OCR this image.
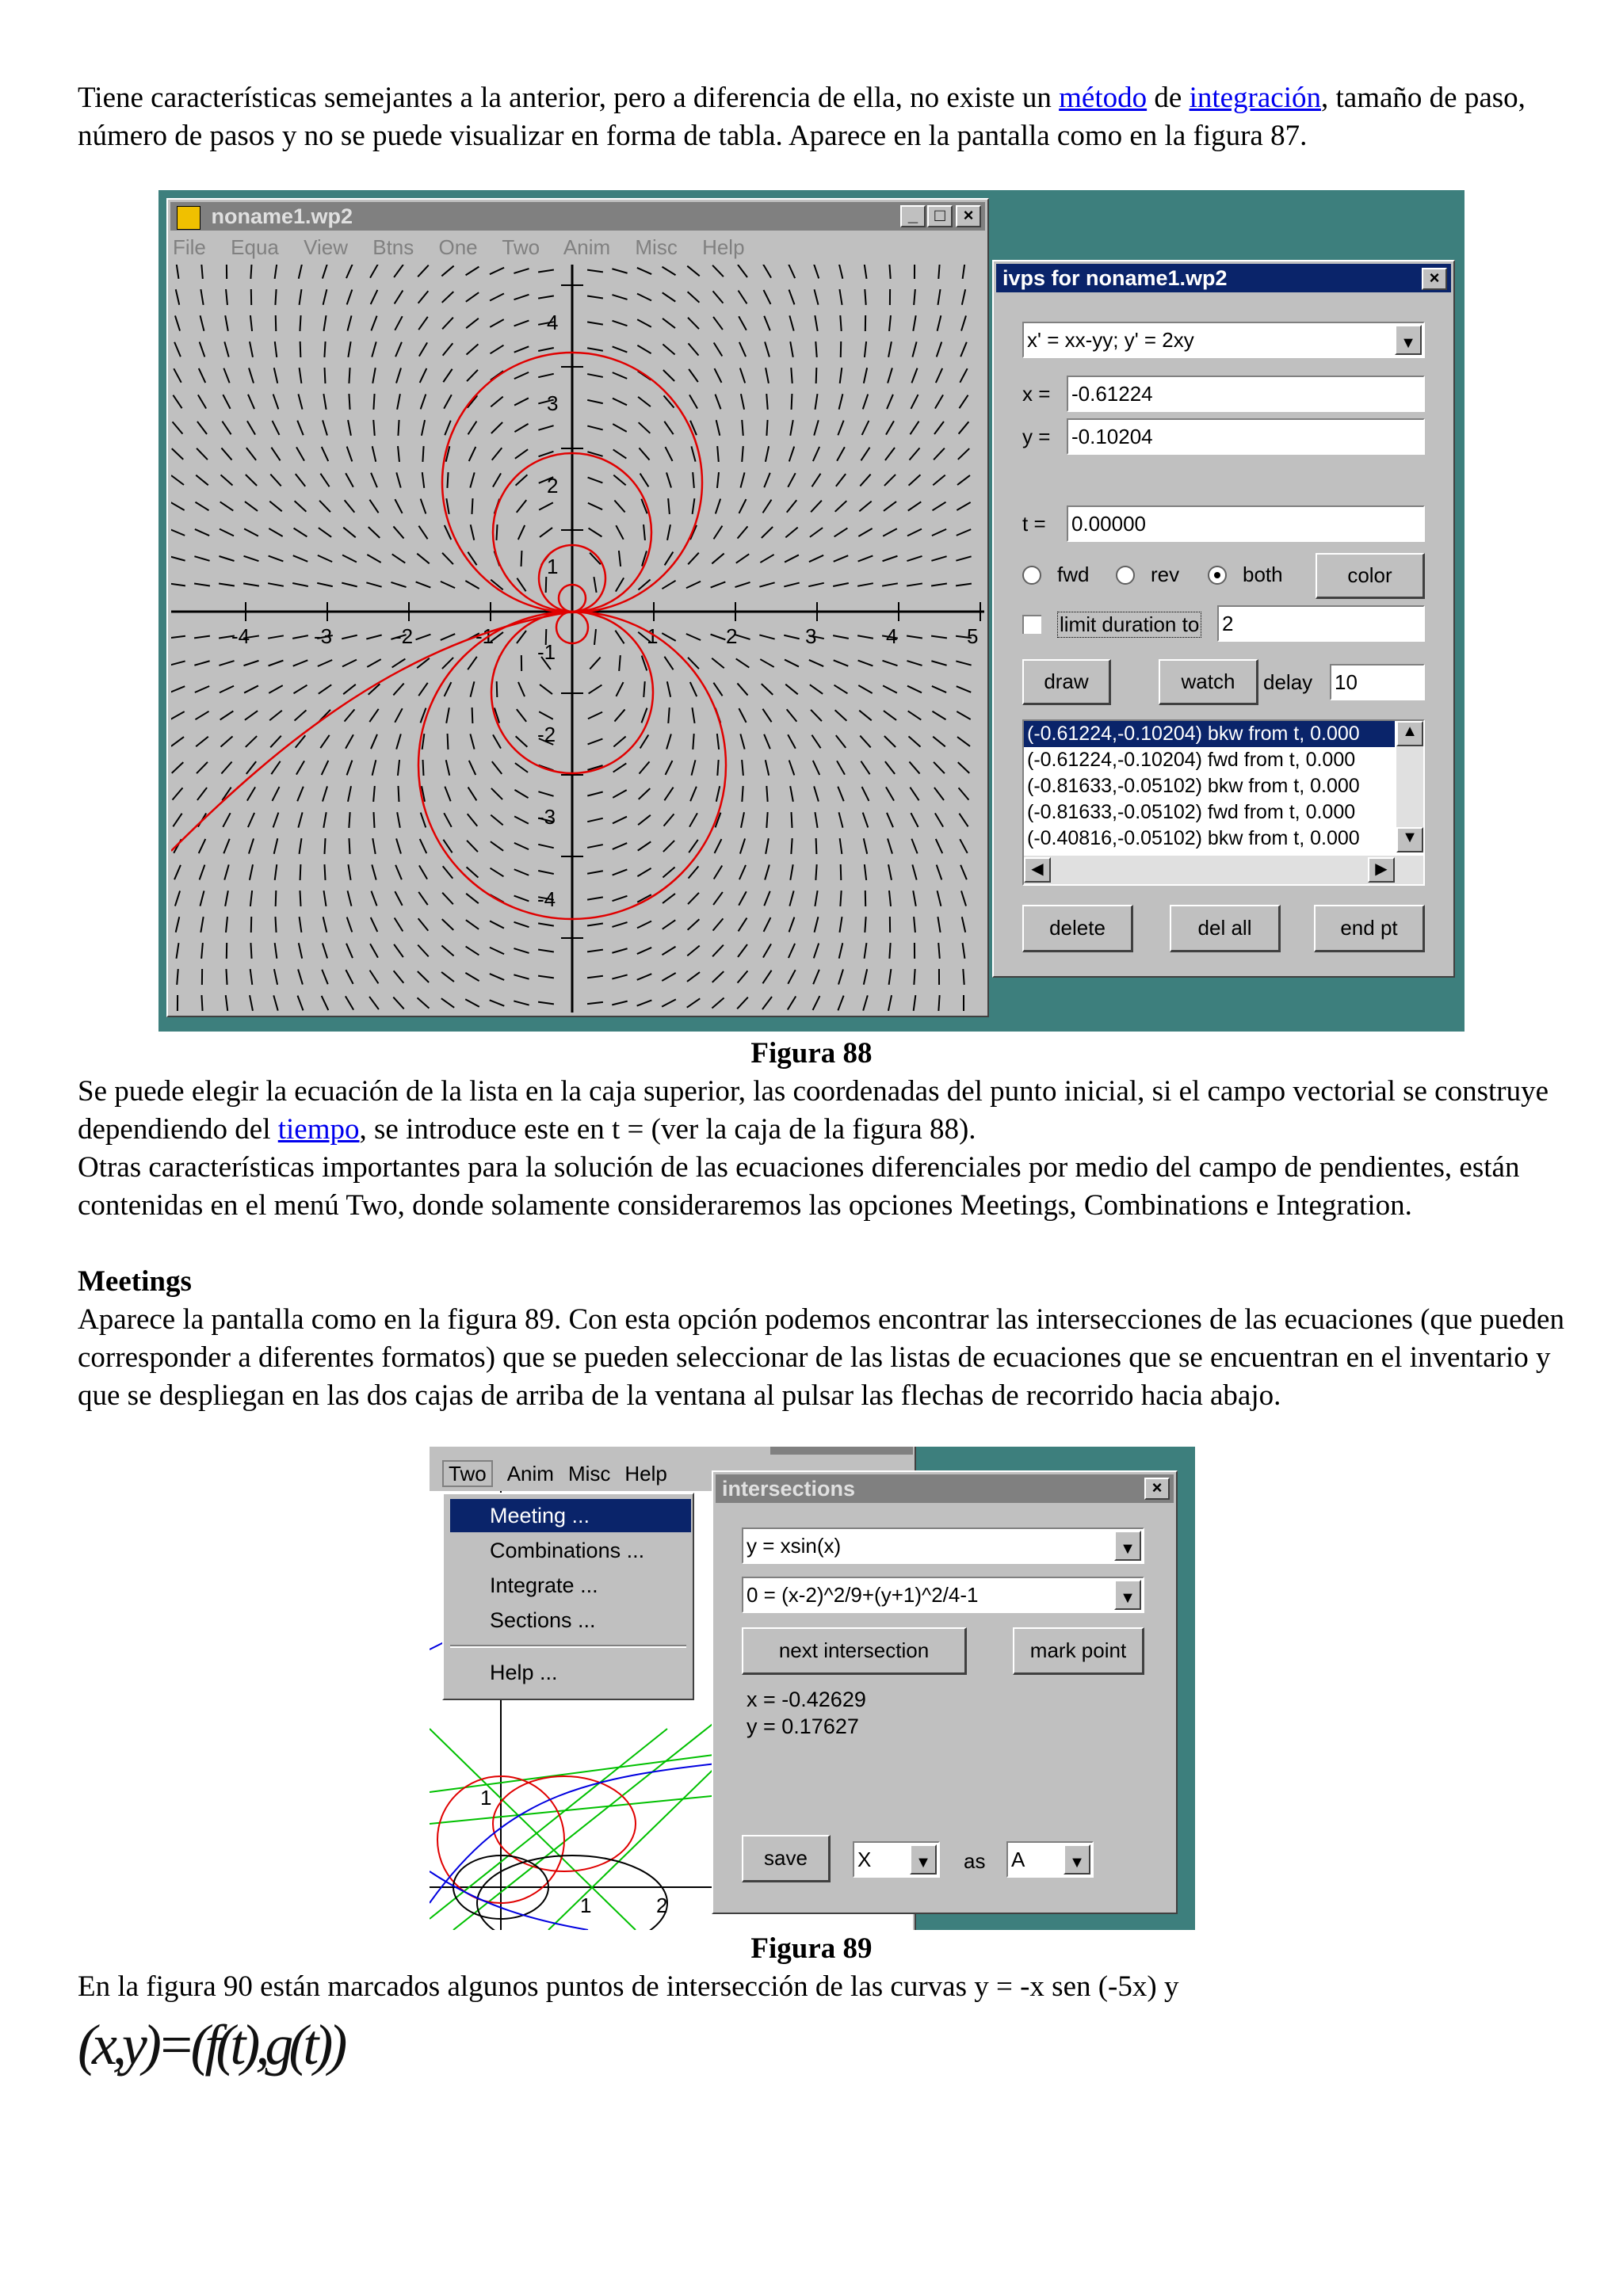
Tiene características semejantes a la anterior, pero a diferencia de ella, no existe un método de integración, tamaño de paso, número de pasos y no se puede visualizar en forma de tabla. Aparece en la pantalla como en la figura 87.

noname1.wp2	_ □	×
File Equa View Btns One Two Anim Misc Help
-4	-3	-2	-1	1	2	3	4	5
4
3
2
1
-1
-2
-3
-4
ivps for noname1.wp2	×
x' = xx-yy; y' = 2xy	▼
x = -0.61224
y = -0.10204
t = 0.00000
fwd	rev	both	color
limit duration to 2
draw	watch	delay 10
(-0.61224,-0.10204) bkw from t, 0.000
(-0.61224,-0.10204) fwd from t, 0.000
(-0.81633,-0.05102) bkw from t, 0.000
(-0.81633,-0.05102) fwd from t, 0.000
(-0.40816,-0.05102) bkw from t, 0.000
▲
▼
◀	▶
delete	del all	end pt
Figura 88

Se puede elegir la ecuación de la lista en la caja superior, las coordenadas del punto inicial, si el campo vectorial se construye dependiendo del tiempo, se introduce este en t = (ver la caja de la figura 88).

Otras características importantes para la solución de las ecuaciones diferenciales por medio del campo de pendientes, están contenidas en el menú Two, donde solamente consideraremos las opciones Meetings, Combinations e Integration.

Meetings

Aparece la pantalla como en la figura 89. Con esta opción podemos encontrar las intersecciones de las ecuaciones (que pueden corresponder a diferentes formatos) que se pueden seleccionar de las listas de ecuaciones que se encuentran en el inventario y que se despliegan en las dos cajas de arriba de la ventana al pulsar las flechas de recorrido hacia abajo.

Two Anim Misc Help
1
1	2
Meeting ...
Combinations ...
Integrate ...
Sections ...
Help ...
intersections	×
y = xsin(x)	▼
0 = (x-2)^2/9+(y+1)^2/4-1	▼
next intersection	mark point
x = -0.42629
y = 0.17627
save	X	▼ as A	▼
Figura 89

En la figura 90 están marcados algunos puntos de intersección de las curvas y = -x sen (-5x) y

(x,y)=(f(t),g(t))
